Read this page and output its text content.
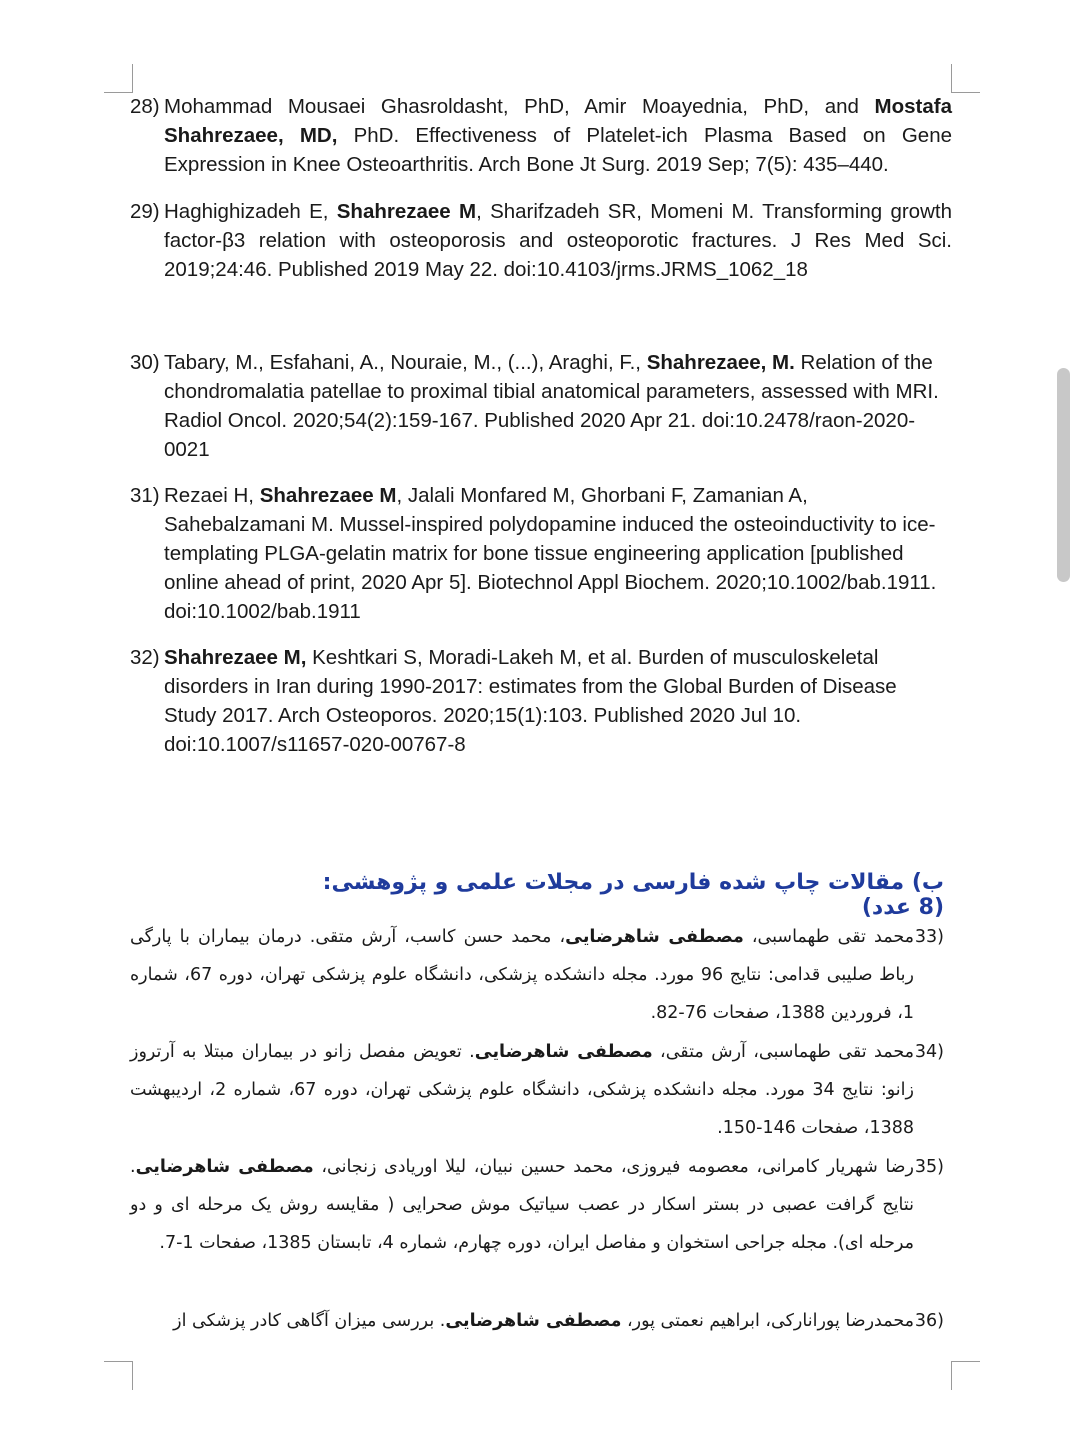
28) Mohammad Mousaei Ghasroldasht, PhD, Amir Moayednia, PhD, and Mostafa Shahrezaee, MD, PhD. Effectiveness of Platelet-ich Plasma Based on Gene Expression in Knee Osteoarthritis. Arch Bone Jt Surg. 2019 Sep; 7(5): 435–440.
29) Haghighizadeh E, Shahrezaee M, Sharifzadeh SR, Momeni M. Transforming growth factor-β3 relation with osteoporosis and osteoporotic fractures. J Res Med Sci. 2019;24:46. Published 2019 May 22. doi:10.4103/jrms.JRMS_1062_18
30) Tabary, M., Esfahani, A., Nouraie, M., (...), Araghi, F., Shahrezaee, M. Relation of the chondromalatia patellae to proximal tibial anatomical parameters, assessed with MRI. Radiol Oncol. 2020;54(2):159-167. Published 2020 Apr 21. doi:10.2478/raon-2020-0021
31) Rezaei H, Shahrezaee M, Jalali Monfared M, Ghorbani F, Zamanian A, Sahebalzamani M. Mussel-inspired polydopamine induced the osteoinductivity to ice-templating PLGA-gelatin matrix for bone tissue engineering application [published online ahead of print, 2020 Apr 5]. Biotechnol Appl Biochem. 2020;10.1002/bab.1911. doi:10.1002/bab.1911
32) Shahrezaee M, Keshtkari S, Moradi-Lakeh M, et al. Burden of musculoskeletal disorders in Iran during 1990-2017: estimates from the Global Burden of Disease Study 2017. Arch Osteoporos. 2020;15(1):103. Published 2020 Jul 10. doi:10.1007/s11657-020-00767-8
ب) مقالات چاپ شده فارسی در مجلات علمی و پژوهشی: (8 عدد)
33)
محمد تقی طهماسبی، مصطفی شاهرضایی، محمد حسن کاسب، آرش متقی. درمان بیماران با پارگی رباط صلیبی قدامی: نتایج 96 مورد. مجله دانشکده پزشکی، دانشگاه علوم پزشکی تهران، دوره 67، شماره 1، فروردین 1388، صفحات 76-82.
34)
محمد تقی طهماسبی، آرش متقی، مصطفی شاهرضایی. تعویض مفصل زانو در بیماران مبتلا به آرتروز زانو: نتایج 34 مورد. مجله دانشکده پزشکی، دانشگاه علوم پزشکی تهران، دوره 67، شماره 2، اردیبهشت 1388، صفحات 146-150.
35)
رضا شهریار کامرانی، معصومه فیروزی، محمد حسین نبیان، لیلا اوریادی زنجانی، مصطفی شاهرضایی. نتایج گرافت عصبی در بستر اسکار در عصب سیاتیک موش صحرایی ( مقایسه روش یک مرحله ای و دو مرحله ای). مجله جراحی استخوان و مفاصل ایران، دوره چهارم، شماره 4، تابستان 1385، صفحات 1-7.
36)
محمدرضا پورانارکی، ابراهیم نعمتی پور، مصطفی شاهرضایی. بررسی میزان آگاهی کادر پزشکی از
